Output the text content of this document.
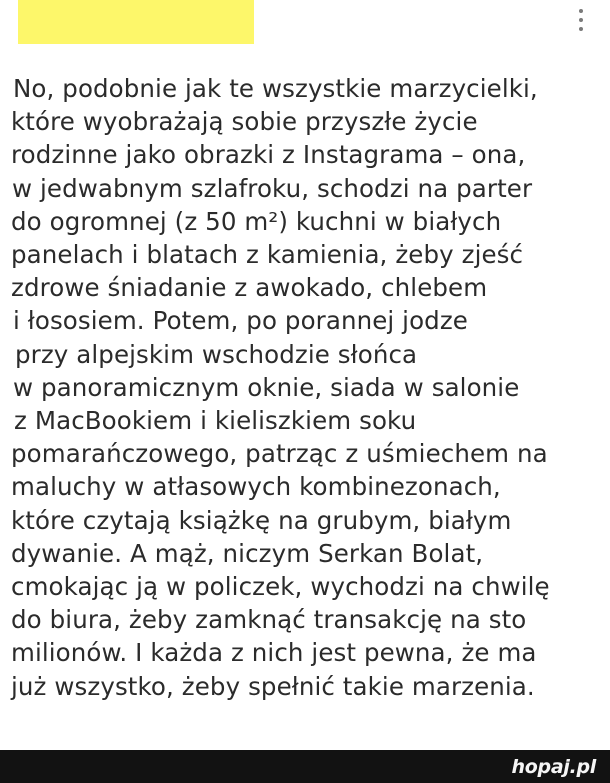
No, podobnie jak te wszystkie marzycielki,
które wyobrażają sobie przyszłe życie
rodzinne jako obrazki z Instagrama – ona,
w jedwabnym szlafroku, schodzi na parter
do ogromnej (z 50 m²) kuchni w białych
panelach i blatach z kamienia, żeby zjeść
zdrowe śniadanie z awokado, chlebem
i łososiem. Potem, po porannej jodze
przy alpejskim wschodzie słońca
w panoramicznym oknie, siada w salonie
z MacBookiem i kieliszkiem soku
pomarańczowego, patrząc z uśmiechem na
maluchy w atłasowych kombinezonach,
które czytają książkę na grubym, białym
dywanie. A mąż, niczym Serkan Bolat,
cmokając ją w policzek, wychodzi na chwilę
do biura, żeby zamknąć transakcję na sto
milionów. I każda z nich jest pewna, że ma
już wszystko, żeby spełnić takie marzenia.
hopaj.pl
